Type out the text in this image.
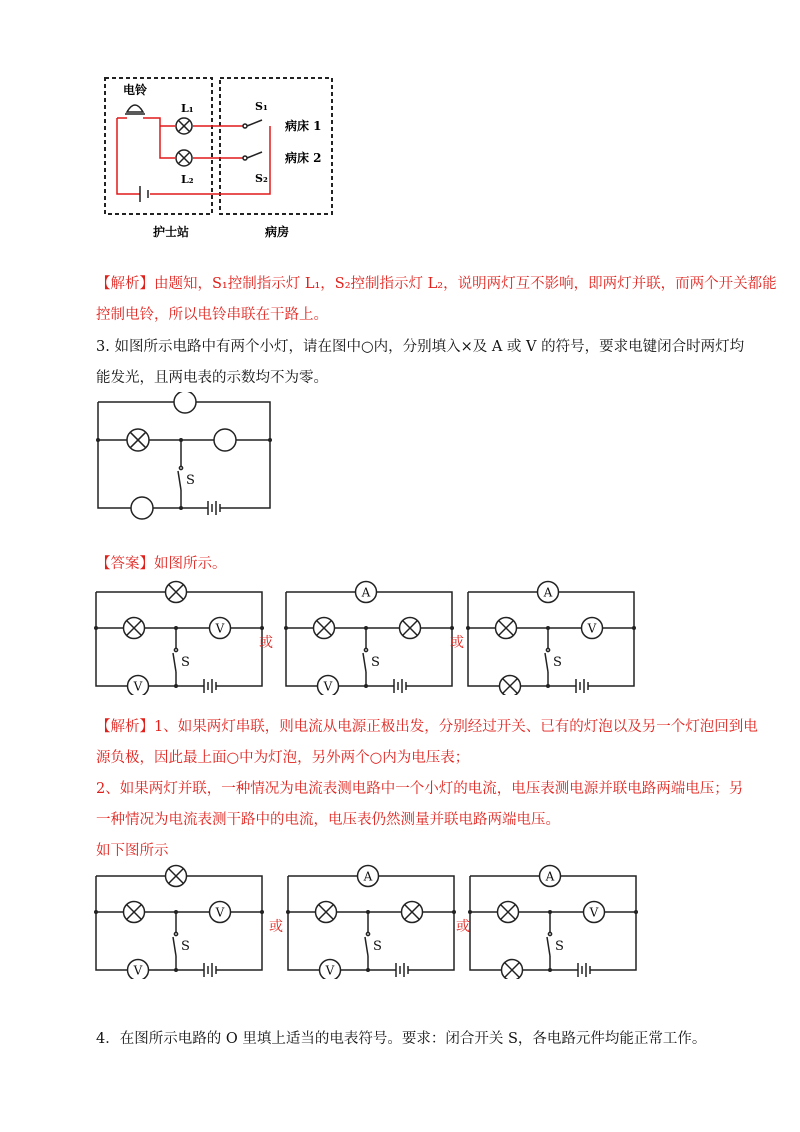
电铃
L₁
L₂
S₁
S₂
病床 1
病床 2
护士站	病房
【解析】由题知，S₁控制指示灯 L₁，S₂控制指示灯 L₂，说明两灯互不影响，即两灯并联，而两个开关都能
控制电铃，所以电铃串联在干路上。
3. 如图所示电路中有两个小灯，请在图中○内，分别填入×及 A 或 V 的符号，要求电键闭合时两灯均
能发光，且两电表的示数均不为零。
S
【答案】如图所示。
S
V
V
或
S
A
V
或
S
A
V
【解析】1、如果两灯串联，则电流从电源正极出发，分别经过开关、已有的灯泡以及另一个灯泡回到电
源负极，因此最上面○中为灯泡，另外两个○内为电压表；
2、如果两灯并联，一种情况为电流表测电路中一个小灯的电流，电压表测电源并联电路两端电压；另
一种情况为电流表测干路中的电流，电压表仍然测量并联电路两端电压。
如下图所示
S
V
V
或
S
A
V
或
S
A
V
4．在图所示电路的 O 里填上适当的电表符号。要求：闭合开关 S，各电路元件均能正常工作。
